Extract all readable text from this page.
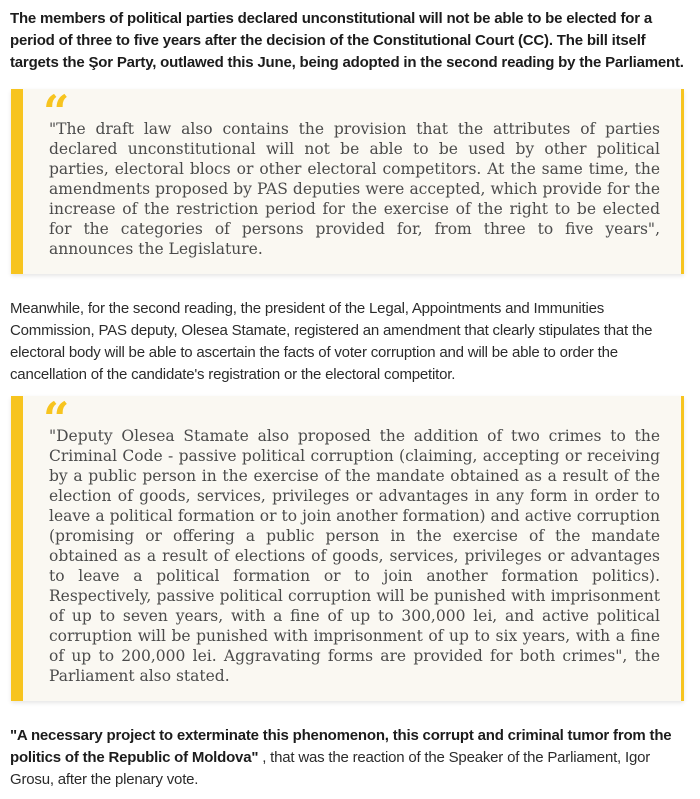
The members of political parties declared unconstitutional will not be able to be elected for a period of three to five years after the decision of the Constitutional Court (CC). The bill itself targets the Şor Party, outlawed this June, being adopted in the second reading by the Parliament.

“
"The draft law also contains the provision that the attributes of parties declared unconstitutional will not be able to be used by other political parties, electoral blocs or other electoral competitors. At the same time, the amendments proposed by PAS deputies were accepted, which provide for the increase of the restriction period for the exercise of the right to be elected for the categories of persons provided for, from three to five years", announces the Legislature.

Meanwhile, for the second reading, the president of the Legal, Appointments and Immunities Commission, PAS deputy, Olesea Stamate, registered an amendment that clearly stipulates that the electoral body will be able to ascertain the facts of voter corruption and will be able to order the cancellation of the candidate's registration or the electoral competitor.

“
"Deputy Olesea Stamate also proposed the addition of two crimes to the Criminal Code - passive political corruption (claiming, accepting or receiving by a public person in the exercise of the mandate obtained as a result of the election of goods, services, privileges or advantages in any form in order to leave a political formation or to join another formation) and active corruption (promising or offering a public person in the exercise of the mandate obtained as a result of elections of goods, services, privileges or advantages to leave a political formation or to join another formation politics). Respectively, passive political corruption will be punished with imprisonment of up to seven years, with a fine of up to 300,000 lei, and active political corruption will be punished with imprisonment of up to six years, with a fine of up to 200,000 lei. Aggravating forms are provided for both crimes", the Parliament also stated.

"A necessary project to exterminate this phenomenon, this corrupt and criminal tumor from the politics of the Republic of Moldova" , that was the reaction of the Speaker of the Parliament, Igor Grosu, after the plenary vote.
